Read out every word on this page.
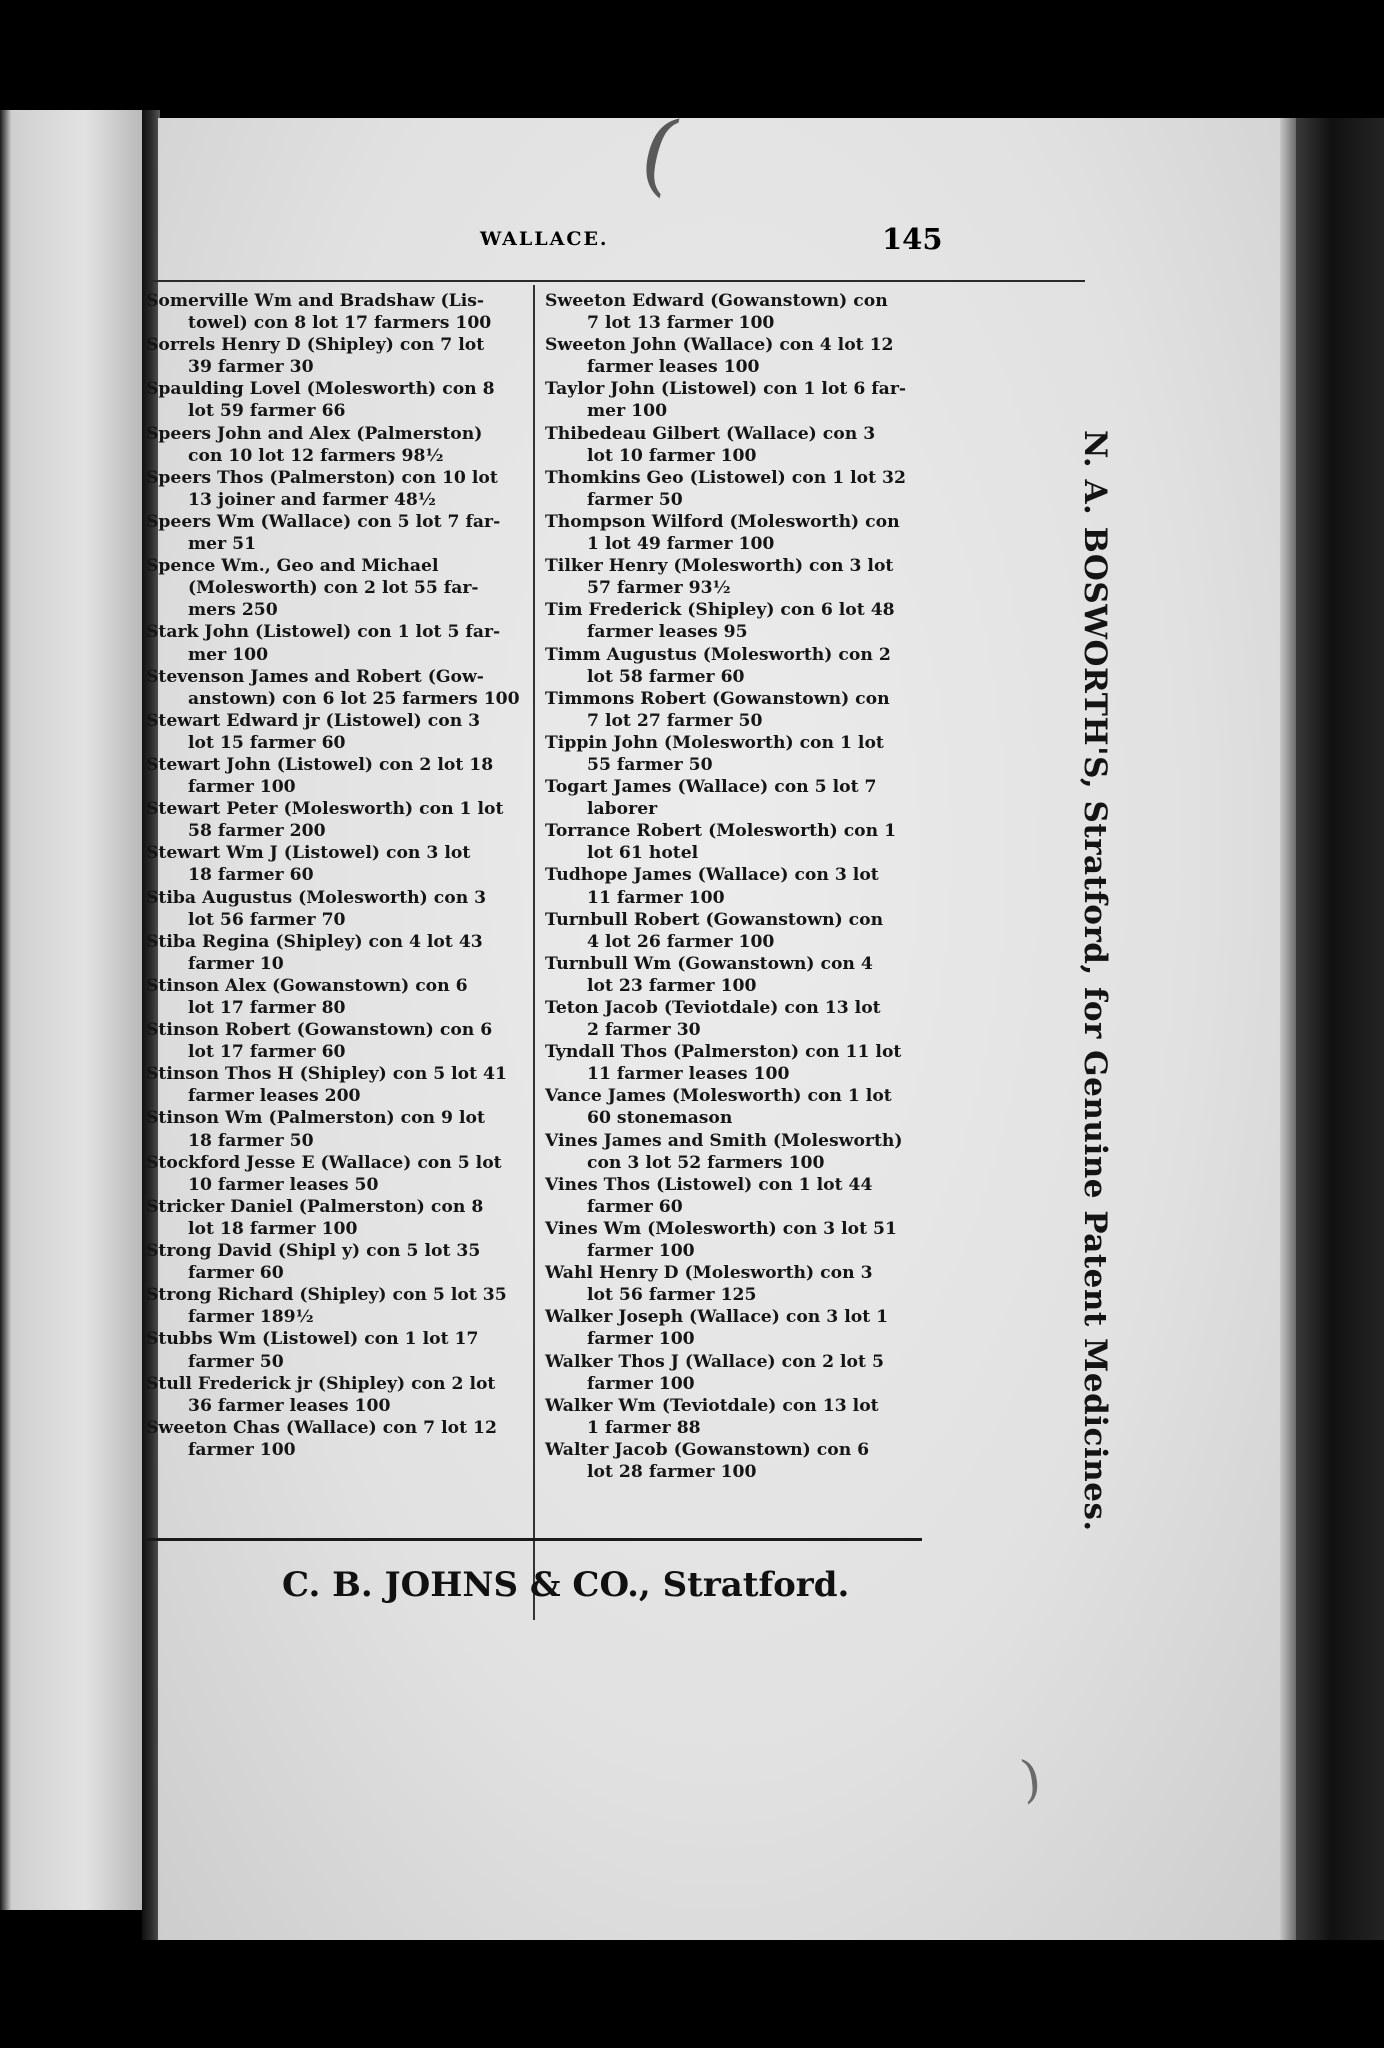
(
)
WALLACE.	145
Somerville Wm and Bradshaw (Lis-
towel) con 8 lot 17 farmers 100
Sorrels Henry D (Shipley) con 7 lot
39 farmer 30
Spaulding Lovel (Molesworth) con 8
lot 59 farmer 66
Speers John and Alex (Palmerston)
con 10 lot 12 farmers 98½
Speers Thos (Palmerston) con 10 lot
13 joiner and farmer 48½
Speers Wm (Wallace) con 5 lot 7 far-
mer 51
Spence Wm., Geo and Michael
(Molesworth) con 2 lot 55 far-
mers 250
Stark John (Listowel) con 1 lot 5 far-
mer 100
Stevenson James and Robert (Gow-
anstown) con 6 lot 25 farmers 100
Stewart Edward jr (Listowel) con 3
lot 15 farmer 60
Stewart John (Listowel) con 2 lot 18
farmer 100
Stewart Peter (Molesworth) con 1 lot
58 farmer 200
Stewart Wm J (Listowel) con 3 lot
18 farmer 60
Stiba Augustus (Molesworth) con 3
lot 56 farmer 70
Stiba Regina (Shipley) con 4 lot 43
farmer 10
Stinson Alex (Gowanstown) con 6
lot 17 farmer 80
Stinson Robert (Gowanstown) con 6
lot 17 farmer 60
Stinson Thos H (Shipley) con 5 lot 41
farmer leases 200
Stinson Wm (Palmerston) con 9 lot
18 farmer 50
Stockford Jesse E (Wallace) con 5 lot
10 farmer leases 50
Stricker Daniel (Palmerston) con 8
lot 18 farmer 100
Strong David (Shipl y) con 5 lot 35
farmer 60
Strong Richard (Shipley) con 5 lot 35
farmer 189½
Stubbs Wm (Listowel) con 1 lot 17
farmer 50
Stull Frederick jr (Shipley) con 2 lot
36 farmer leases 100
Sweeton Chas (Wallace) con 7 lot 12
farmer 100
Sweeton Edward (Gowanstown) con
7 lot 13 farmer 100
Sweeton John (Wallace) con 4 lot 12
farmer leases 100
Taylor John (Listowel) con 1 lot 6 far-
mer 100
Thibedeau Gilbert (Wallace) con 3
lot 10 farmer 100
Thomkins Geo (Listowel) con 1 lot 32
farmer 50
Thompson Wilford (Molesworth) con
1 lot 49 farmer 100
Tilker Henry (Molesworth) con 3 lot
57 farmer 93½
Tim Frederick (Shipley) con 6 lot 48
farmer leases 95
Timm Augustus (Molesworth) con 2
lot 58 farmer 60
Timmons Robert (Gowanstown) con
7 lot 27 farmer 50
Tippin John (Molesworth) con 1 lot
55 farmer 50
Togart James (Wallace) con 5 lot 7
laborer
Torrance Robert (Molesworth) con 1
lot 61 hotel
Tudhope James (Wallace) con 3 lot
11 farmer 100
Turnbull Robert (Gowanstown) con
4 lot 26 farmer 100
Turnbull Wm (Gowanstown) con 4
lot 23 farmer 100
Teton Jacob (Teviotdale) con 13 lot
2 farmer 30
Tyndall Thos (Palmerston) con 11 lot
11 farmer leases 100
Vance James (Molesworth) con 1 lot
60 stonemason
Vines James and Smith (Molesworth)
con 3 lot 52 farmers 100
Vines Thos (Listowel) con 1 lot 44
farmer 60
Vines Wm (Molesworth) con 3 lot 51
farmer 100
Wahl Henry D (Molesworth) con 3
lot 56 farmer 125
Walker Joseph (Wallace) con 3 lot 1
farmer 100
Walker Thos J (Wallace) con 2 lot 5
farmer 100
Walker Wm (Teviotdale) con 13 lot
1 farmer 88
Walter Jacob (Gowanstown) con 6
lot 28 farmer 100	N. A. BOSWORTH'S, Stratford, for Genuine Patent Medicines.
C. B. JOHNS & CO., Stratford.
